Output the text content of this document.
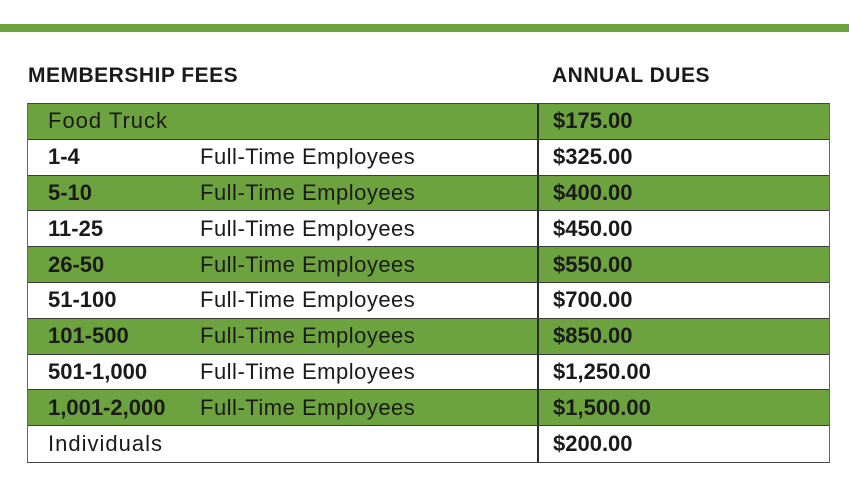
MEMBERSHIP FEES	ANNUAL DUES
Food Truck	$175.00
1-4	Full-Time Employees	$325.00
5-10	Full-Time Employees	$400.00
11-25	Full-Time Employees	$450.00
26-50	Full-Time Employees	$550.00
51-100	Full-Time Employees	$700.00
101-500	Full-Time Employees	$850.00
501-1,000 Full-Time Employees	$1,250.00
1,001-2,000 Full-Time Employees	$1,500.00
Individuals	$200.00
